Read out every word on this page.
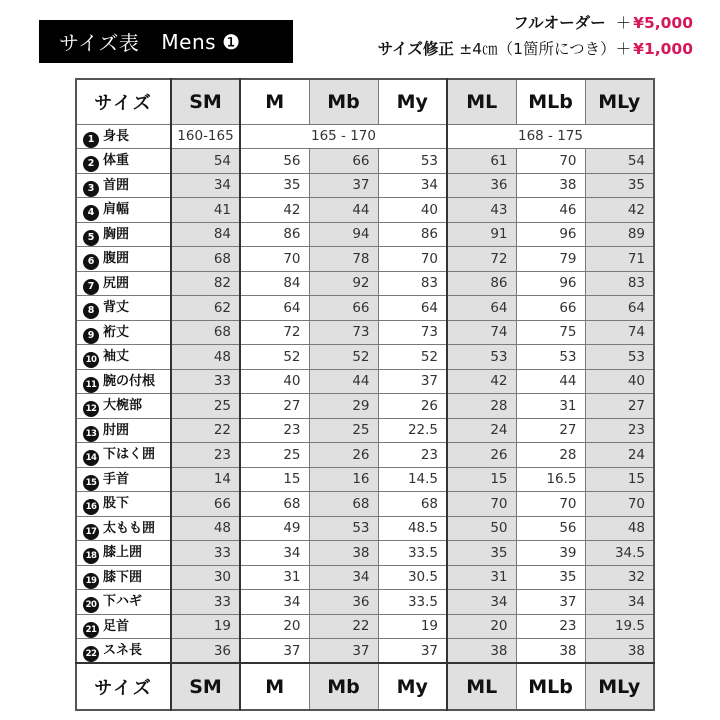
サイズ表 Mens ❶
フルオーダー ＋ ¥5,000
サイズ修正 ±4㎝（1箇所につき）＋ ¥1,000
サイズ	SM	M	Mb	My	ML	MLb	MLy
1 身長	160-165	165 - 170			168 - 175		
2 体重	54	56	66	53	61	70	54
3 首囲	34	35	37	34	36	38	35
4 肩幅	41	42	44	40	43	46	42
5 胸囲	84	86	94	86	91	96	89
6 腹囲	68	70	78	70	72	79	71
7 尻囲	82	84	92	83	86	96	83
8 背丈	62	64	66	64	64	66	64
9 裄丈	68	72	73	73	74	75	74
10 袖丈	48	52	52	52	53	53	53
11 腕の付根	33	40	44	37	42	44	40
12 大椀部	25	27	29	26	28	31	27
13 肘囲	22	23	25	22.5	24	27	23
14 下はく囲	23	25	26	23	26	28	24
15 手首	14	15	16	14.5	15	16.5	15
16 股下	66	68	68	68	70	70	70
17 太もも囲	48	49	53	48.5	50	56	48
18 膝上囲	33	34	38	33.5	35	39	34.5
19 膝下囲	30	31	34	30.5	31	35	32
20 下ハギ	33	34	36	33.5	34	37	34
21 足首	19	20	22	19	20	23	19.5
22 スネ長	36	37	37	37	38	38	38
サイズ	SM	M	Mb	My	ML	MLb	MLy
